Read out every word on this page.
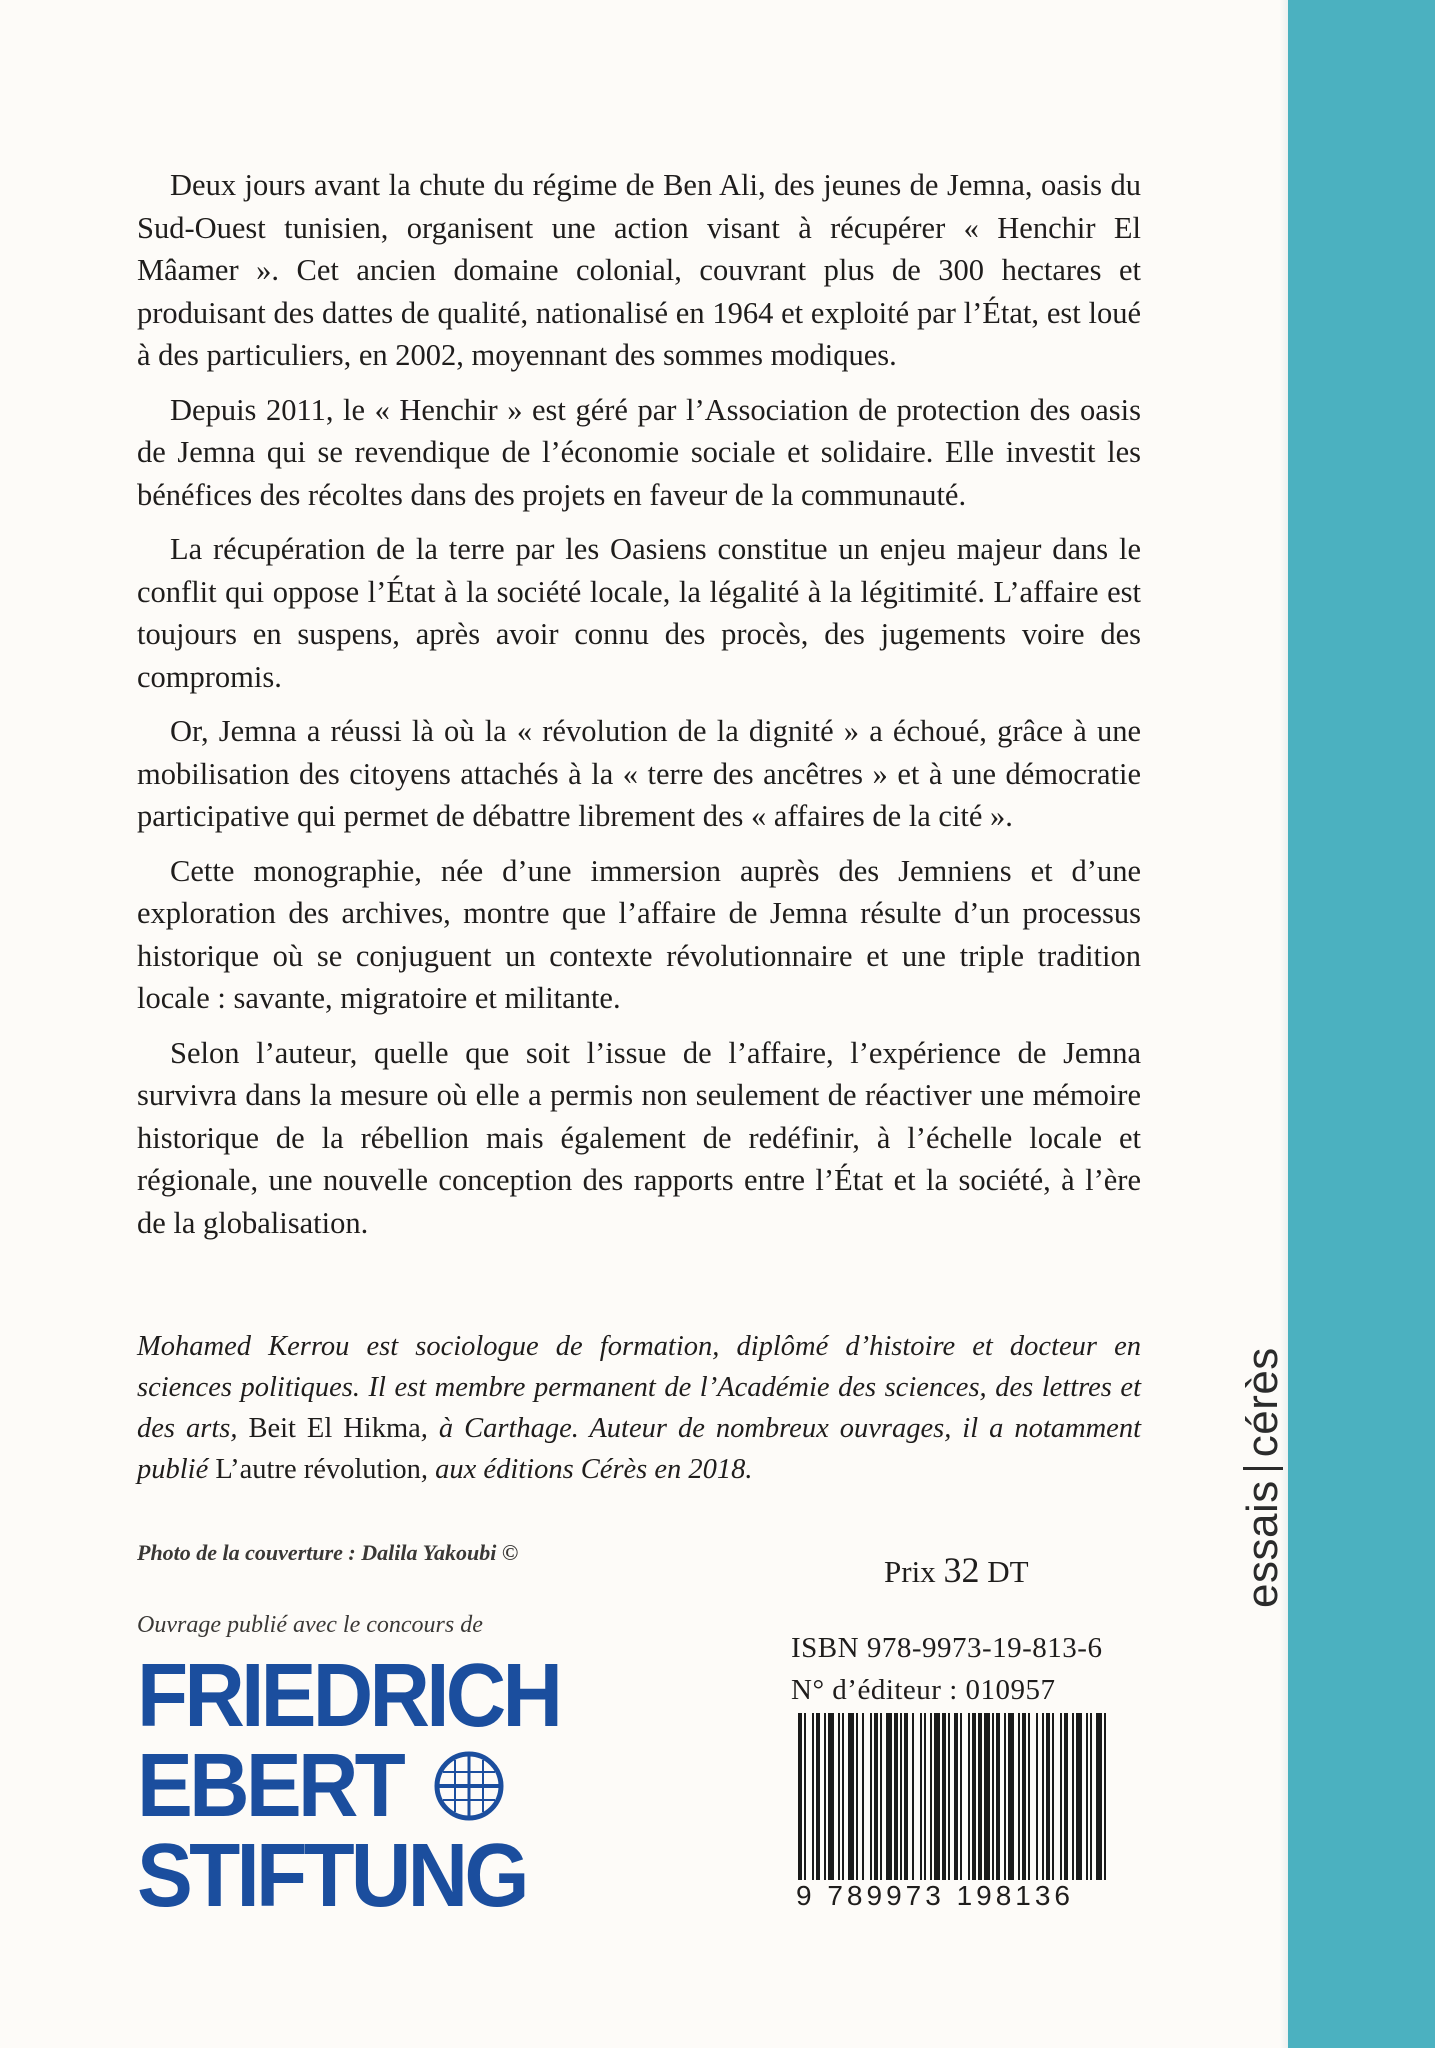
essaiscérès

Deux jours avant la chute du régime de Ben Ali, des jeunes de Jemna, oasis du Sud-Ouest tunisien, organisent une action visant à récupérer « Henchir El Mâamer ». Cet ancien domaine colonial, couvrant plus de 300 hectares et produisant des dattes de qualité, nationalisé en 1964 et exploité par l’État, est loué à des particuliers, en 2002, moyennant des sommes modiques.

Depuis 2011, le « Henchir » est géré par l’Association de protection des oasis de Jemna qui se revendique de l’économie sociale et solidaire. Elle investit les bénéfices des récoltes dans des projets en faveur de la communauté.

La récupération de la terre par les Oasiens constitue un enjeu majeur dans le conflit qui oppose l’État à la société locale, la légalité à la légitimité. L’affaire est toujours en suspens, après avoir connu des procès, des jugements voire des compromis.

Or, Jemna a réussi là où la « révolution de la dignité » a échoué, grâce à une mobilisation des citoyens attachés à la « terre des ancêtres » et à une démocratie participative qui permet de débattre librement des « affaires de la cité ».

Cette monographie, née d’une immersion auprès des Jemniens et d’une exploration des archives, montre que l’affaire de Jemna résulte d’un processus historique où se conjuguent un contexte révolutionnaire et une triple tradition locale : savante, migratoire et militante.

Selon l’auteur, quelle que soit l’issue de l’affaire, l’expérience de Jemna survivra dans la mesure où elle a permis non seulement de réactiver une mémoire historique de la rébellion mais également de redéfinir, à l’échelle locale et régionale, une nouvelle conception des rapports entre l’État et la société, à l’ère de la globalisation.

Mohamed Kerrou est sociologue de formation, diplômé d’histoire et docteur en sciences politiques. Il est membre permanent de l’Académie des sciences, des lettres et des arts, Beit El Hikma, à Carthage. Auteur de nombreux ouvrages, il a notamment publié L’autre révolution, aux éditions Cérès en 2018.
Photo de la couverture : Dalila Yakoubi ©
Ouvrage publié avec le concours de
FRIEDRICH
EBERT
STIFTUNG
Prix 32 DT
ISBN 978-9973-19-813-6
N° d’éditeur : 010957
9 789973 198136
